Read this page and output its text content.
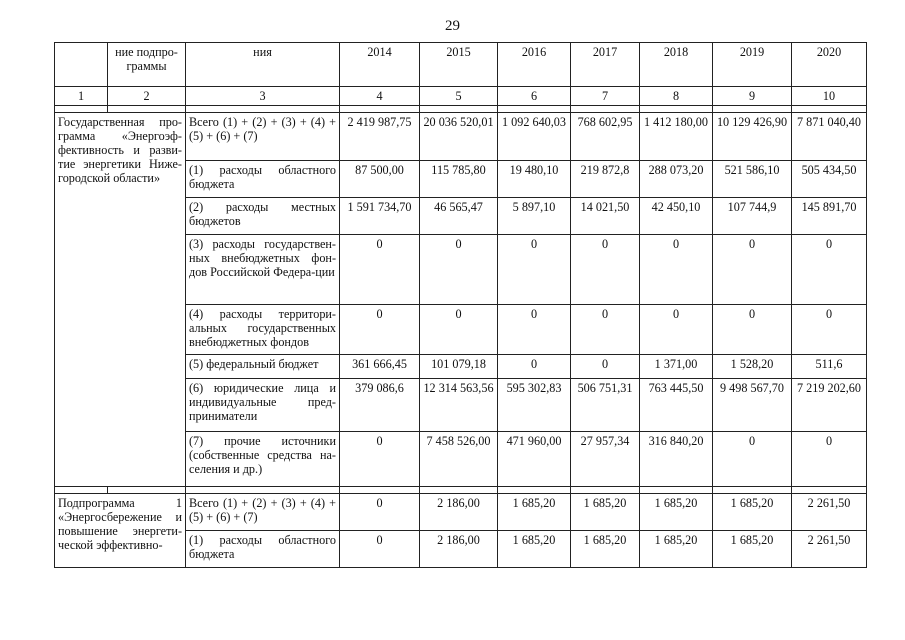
29
	ние подпро-граммы	ния	2014	2015	2016	2017	2018	2019	2020
1	2	3	4	5	6	7	8	9	10

Государственная про-грамма «Энергоэф-фективность и разви-тие энергетики Ниже-городской области»		Всего (1) + (2) + (3) + (4) + (5) + (6) + (7)	2 419 987,75	20 036 520,01	1 092 640,03	768 602,95	1 412 180,00	10 129 426,90	7 871 040,40
		(1) расходы областного бюджета	87 500,00	115 785,80	19 480,10	219 872,8	288 073,20	521 586,10	505 434,50
		(2) расходы местных бюджетов	1 591 734,70	46 565,47	5 897,10	14 021,50	42 450,10	107 744,9	145 891,70
		(3) расходы государствен-ных внебюджетных фон-дов Российской Федера-ции	0	0	0	0	0	0	0
		(4) расходы территори-альных государственных внебюджетных фондов	0	0	0	0	0	0	0
		(5) федеральный бюджет	361 666,45	101 079,18	0	0	1 371,00	1 528,20	511,6
		(6) юридические лица и индивидуальные пред-приниматели	379 086,6	12 314 563,56	595 302,83	506 751,31	763 445,50	9 498 567,70	7 219 202,60
		(7) прочие источники (собственные средства на-селения и др.)	0	7 458 526,00	471 960,00	27 957,34	316 840,20	0	0

Подпрограмма 1 «Энергосбережение и повышение энергети-ческой эффективно-		Всего (1) + (2) + (3) + (4) + (5) + (6) + (7)	0	2 186,00	1 685,20	1 685,20	1 685,20	1 685,20	2 261,50
		(1) расходы областного бюджета	0	2 186,00	1 685,20	1 685,20	1 685,20	1 685,20	2 261,50
